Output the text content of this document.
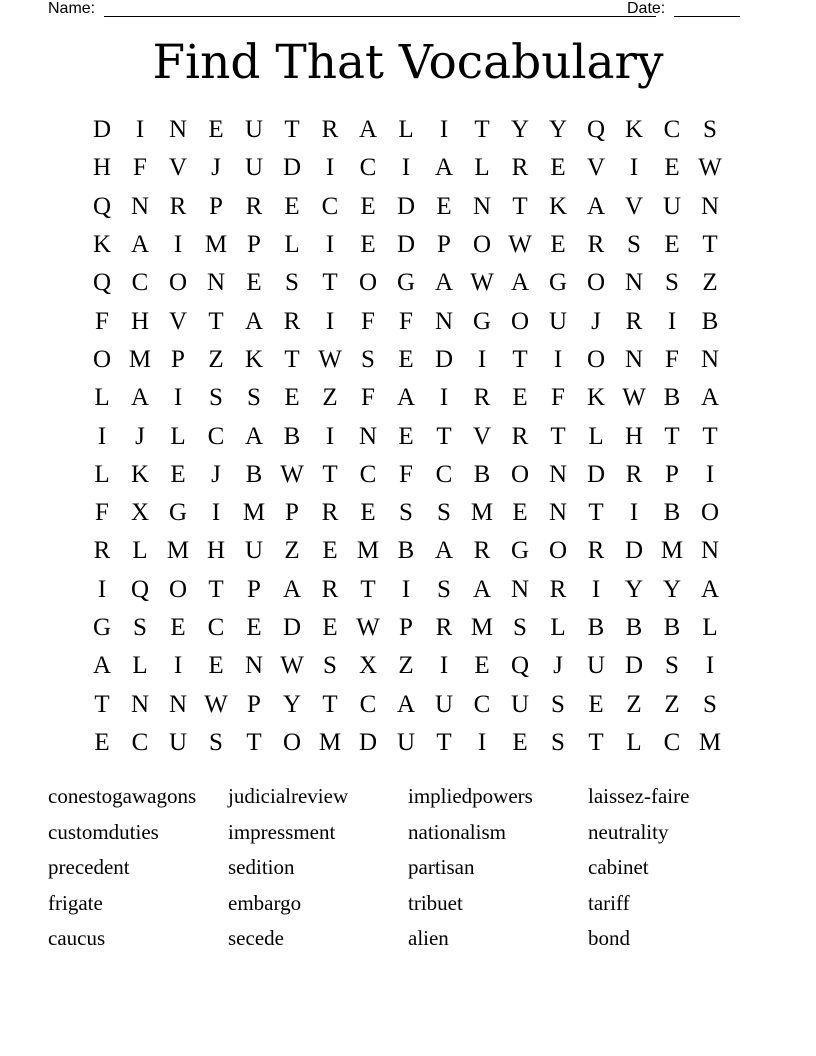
Name:	Date:
Find That Vocabulary
D I N E U T R A L	I	T Y Y Q K C S
H F V J U D I	C	I A L R E V I	E W
Q N R P R E C E D E N T K A V U N
K A I M P L	I	E D P O W E R S E T
Q C O N E S T O G A W A G O N S Z
F H V T A R	I	F F N G O U J R	I	B
O M P Z K T W S E D I	T	I O N F N
L A I	S S E Z F A I	R E F K W B A
I	J	L C A B	I N E T V R T L H T T
L K E	J B W T C F C B O N D R P	I
F X G I M P R E S S M E N T	I	B O
R L M H U Z E M B A R G O R D M N
I Q O T P A R T	I	S A N R	I Y Y A
G S E C E D E W P R M S L B B B L
A L	I	E N W S X Z	I	E Q J U D S	I
T N N W P Y T C A U C U S E Z Z S
E C U S T O M D U T	I	E S T L C M
conestogawagons	judicialreview	impliedpowers	laissez-faire
customduties	impressment	nationalism	neutrality
precedent	sedition	partisan	cabinet
frigate	embargo	tribuet	tariff
caucus	secede	alien	bond
